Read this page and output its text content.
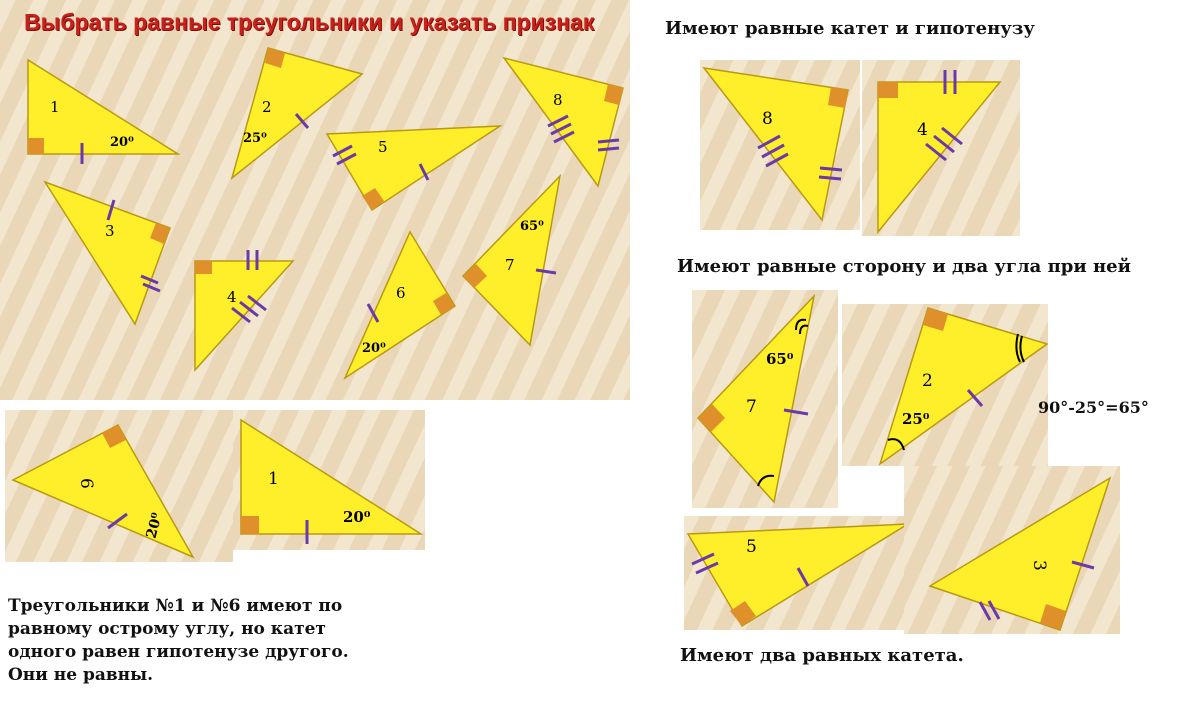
1
20⁰
2
25⁰
8
5
3
4	6
20⁰
7
65⁰
Выбрать равные треугольники и указать признак
6
20⁰
1
20⁰
Треугольники №1 и №6 имеют по
равному острому углу, но катет
одного равен гипотенузе другого.
Они не равны.
Имеют равные катет и гипотенузу
8
4
Имеют равные сторону и два угла при ней
7
65⁰
2
25⁰
90°-25°=65°
5
3
Имеют два равных катета.
